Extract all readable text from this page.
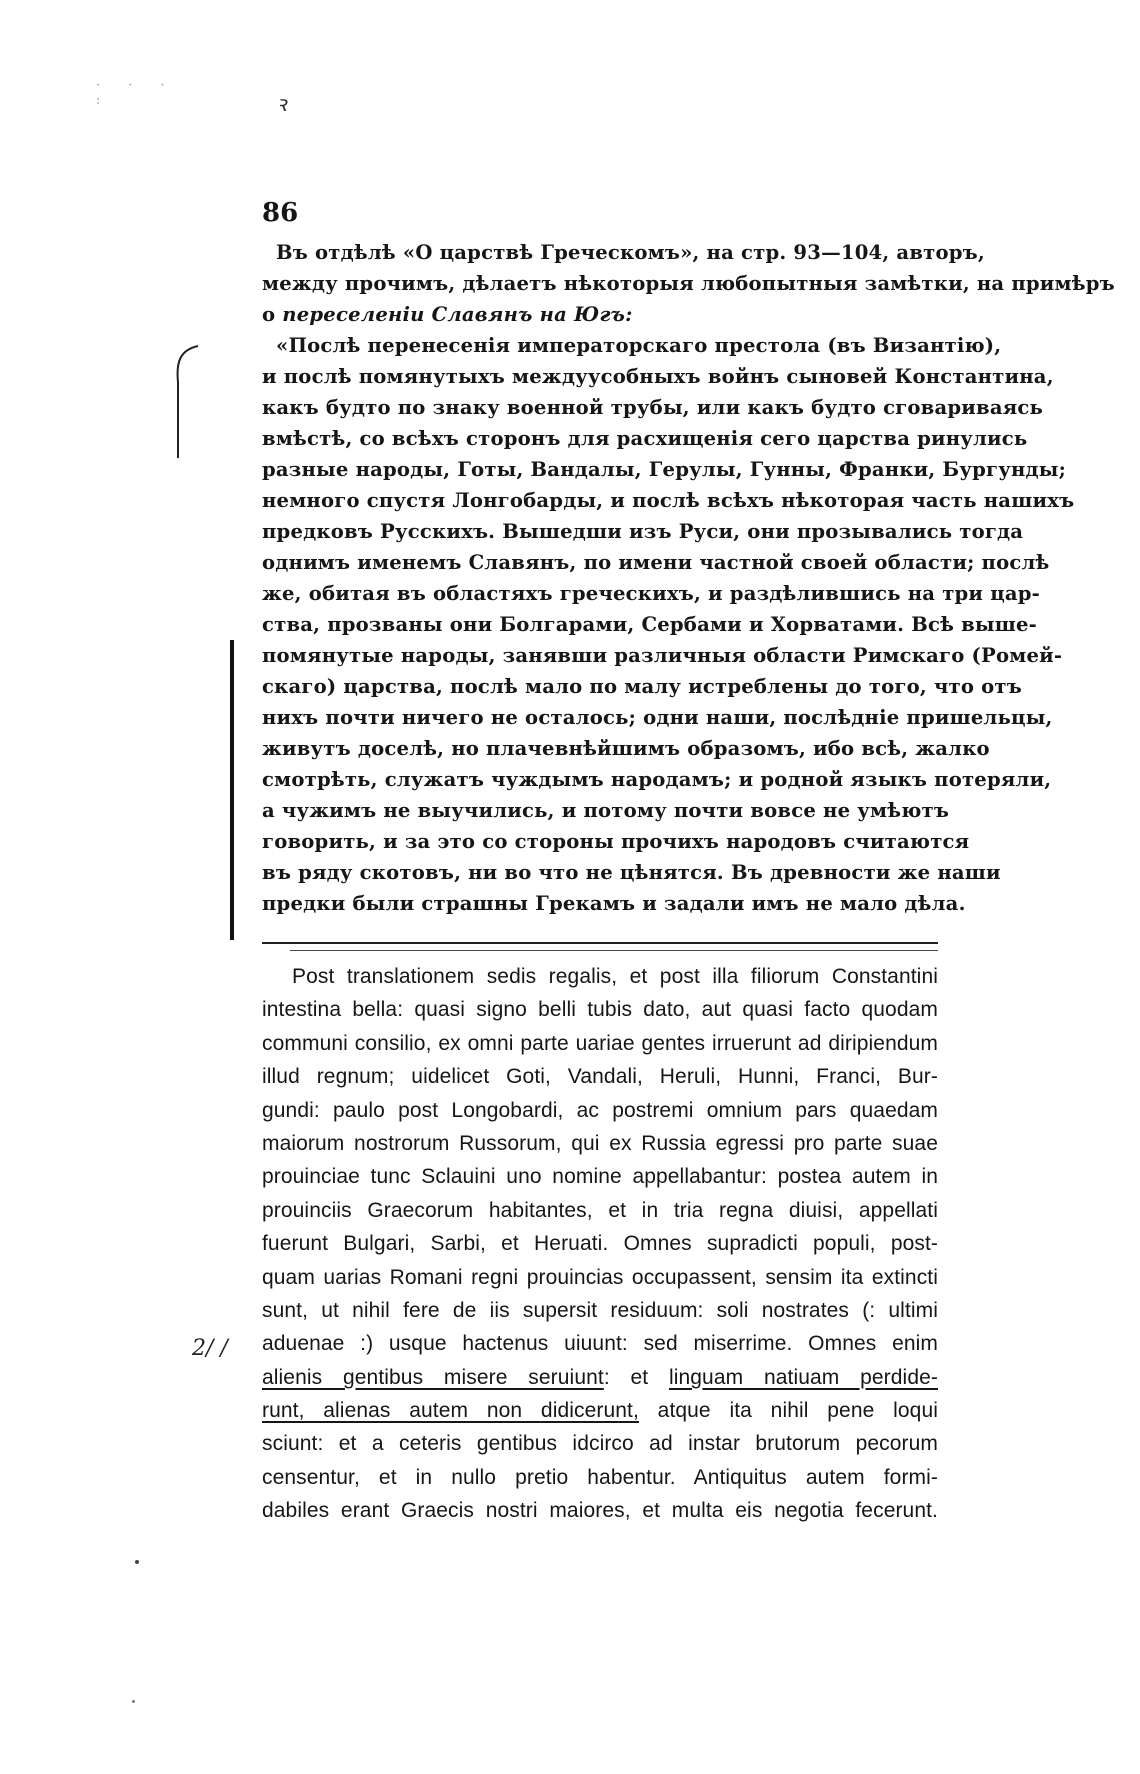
· · · :	ꝛ
86
Въ отдѣлѣ «О царствѣ Греческомъ», на стр. 93—104, авторъ,
между прочимъ, дѣлаетъ нѣкоторыя любопытныя замѣтки, на примѣръ
о переселеніи Славянъ на Югъ:
«Послѣ перенесенія императорскаго престола (въ Византію),
и послѣ помянутыхъ междуусобныхъ войнъ сыновей Константина,
какъ будто по знаку военной трубы, или какъ будто сговариваясь
вмѣстѣ, со всѣхъ сторонъ для расхищенія сего царства ринулись
разные народы, Готы, Вандалы, Герулы, Гунны, Франки, Бургунды;
немного спустя Лонгобарды, и послѣ всѣхъ нѣкоторая часть нашихъ
предковъ Русскихъ. Вышедши изъ Руси, они прозывались тогда
однимъ именемъ Славянъ, по имени частной своей области; послѣ
же, обитая въ областяхъ греческихъ, и раздѣлившись на три цар-
ства, прозваны они Болгарами, Сербами и Хорватами. Всѣ выше-
помянутые народы, занявши различныя области Римскаго (Ромей-
скаго) царства, послѣ мало по малу истреблены до того, что отъ
нихъ почти ничего не осталось; одни наши, послѣдніе пришельцы,
живутъ доселѣ, но плачевнѣйшимъ образомъ, ибо всѣ, жалко
смотрѣть, служатъ чуждымъ народамъ; и родной языкъ потеряли,
а чужимъ не выучились, и потому почти вовсе не умѣютъ
говорить, и за это со стороны прочихъ народовъ считаются
въ ряду скотовъ, ни во что не цѣнятся. Въ древности же наши
предки были страшны Грекамъ и задали имъ не мало дѣла.
Post translationem sedis regalis, et post illa filiorum Constantini
intestina bella: quasi signo belli tubis dato, aut quasi facto quodam
communi consilio, ex omni parte uariae gentes irruerunt ad diripiendum
illud regnum; uidelicet Goti, Vandali, Heruli, Hunni, Franci, Bur-
gundi: paulo post Longobardi, ac postremi omnium pars quaedam
maiorum nostrorum Russorum, qui ex Russia egressi pro parte suae
prouinciae tunc Sclauini uno nomine appellabantur: postea autem in
prouinciis Graecorum habitantes, et in tria regna diuisi, appellati
fuerunt Bulgari, Sarbi, et Heruati. Omnes supradicti populi, post-
quam uarias Romani regni prouincias occupassent, sensim ita extincti
sunt, ut nihil fere de iis supersit residuum: soli nostrates (: ultimi
aduenae :) usque hactenus uiuunt: sed miserrime. Omnes enim
alienis gentibus misere seruiunt: et linguam natiuam perdide-
runt, alienas autem non didicerunt, atque ita nihil pene loqui
sciunt: et a ceteris gentibus idcirco ad instar brutorum pecorum
censentur, et in nullo pretio habentur. Antiquitus autem formi-
dabiles erant Graecis nostri maiores, et multa eis negotia fecerunt.
2/ /
